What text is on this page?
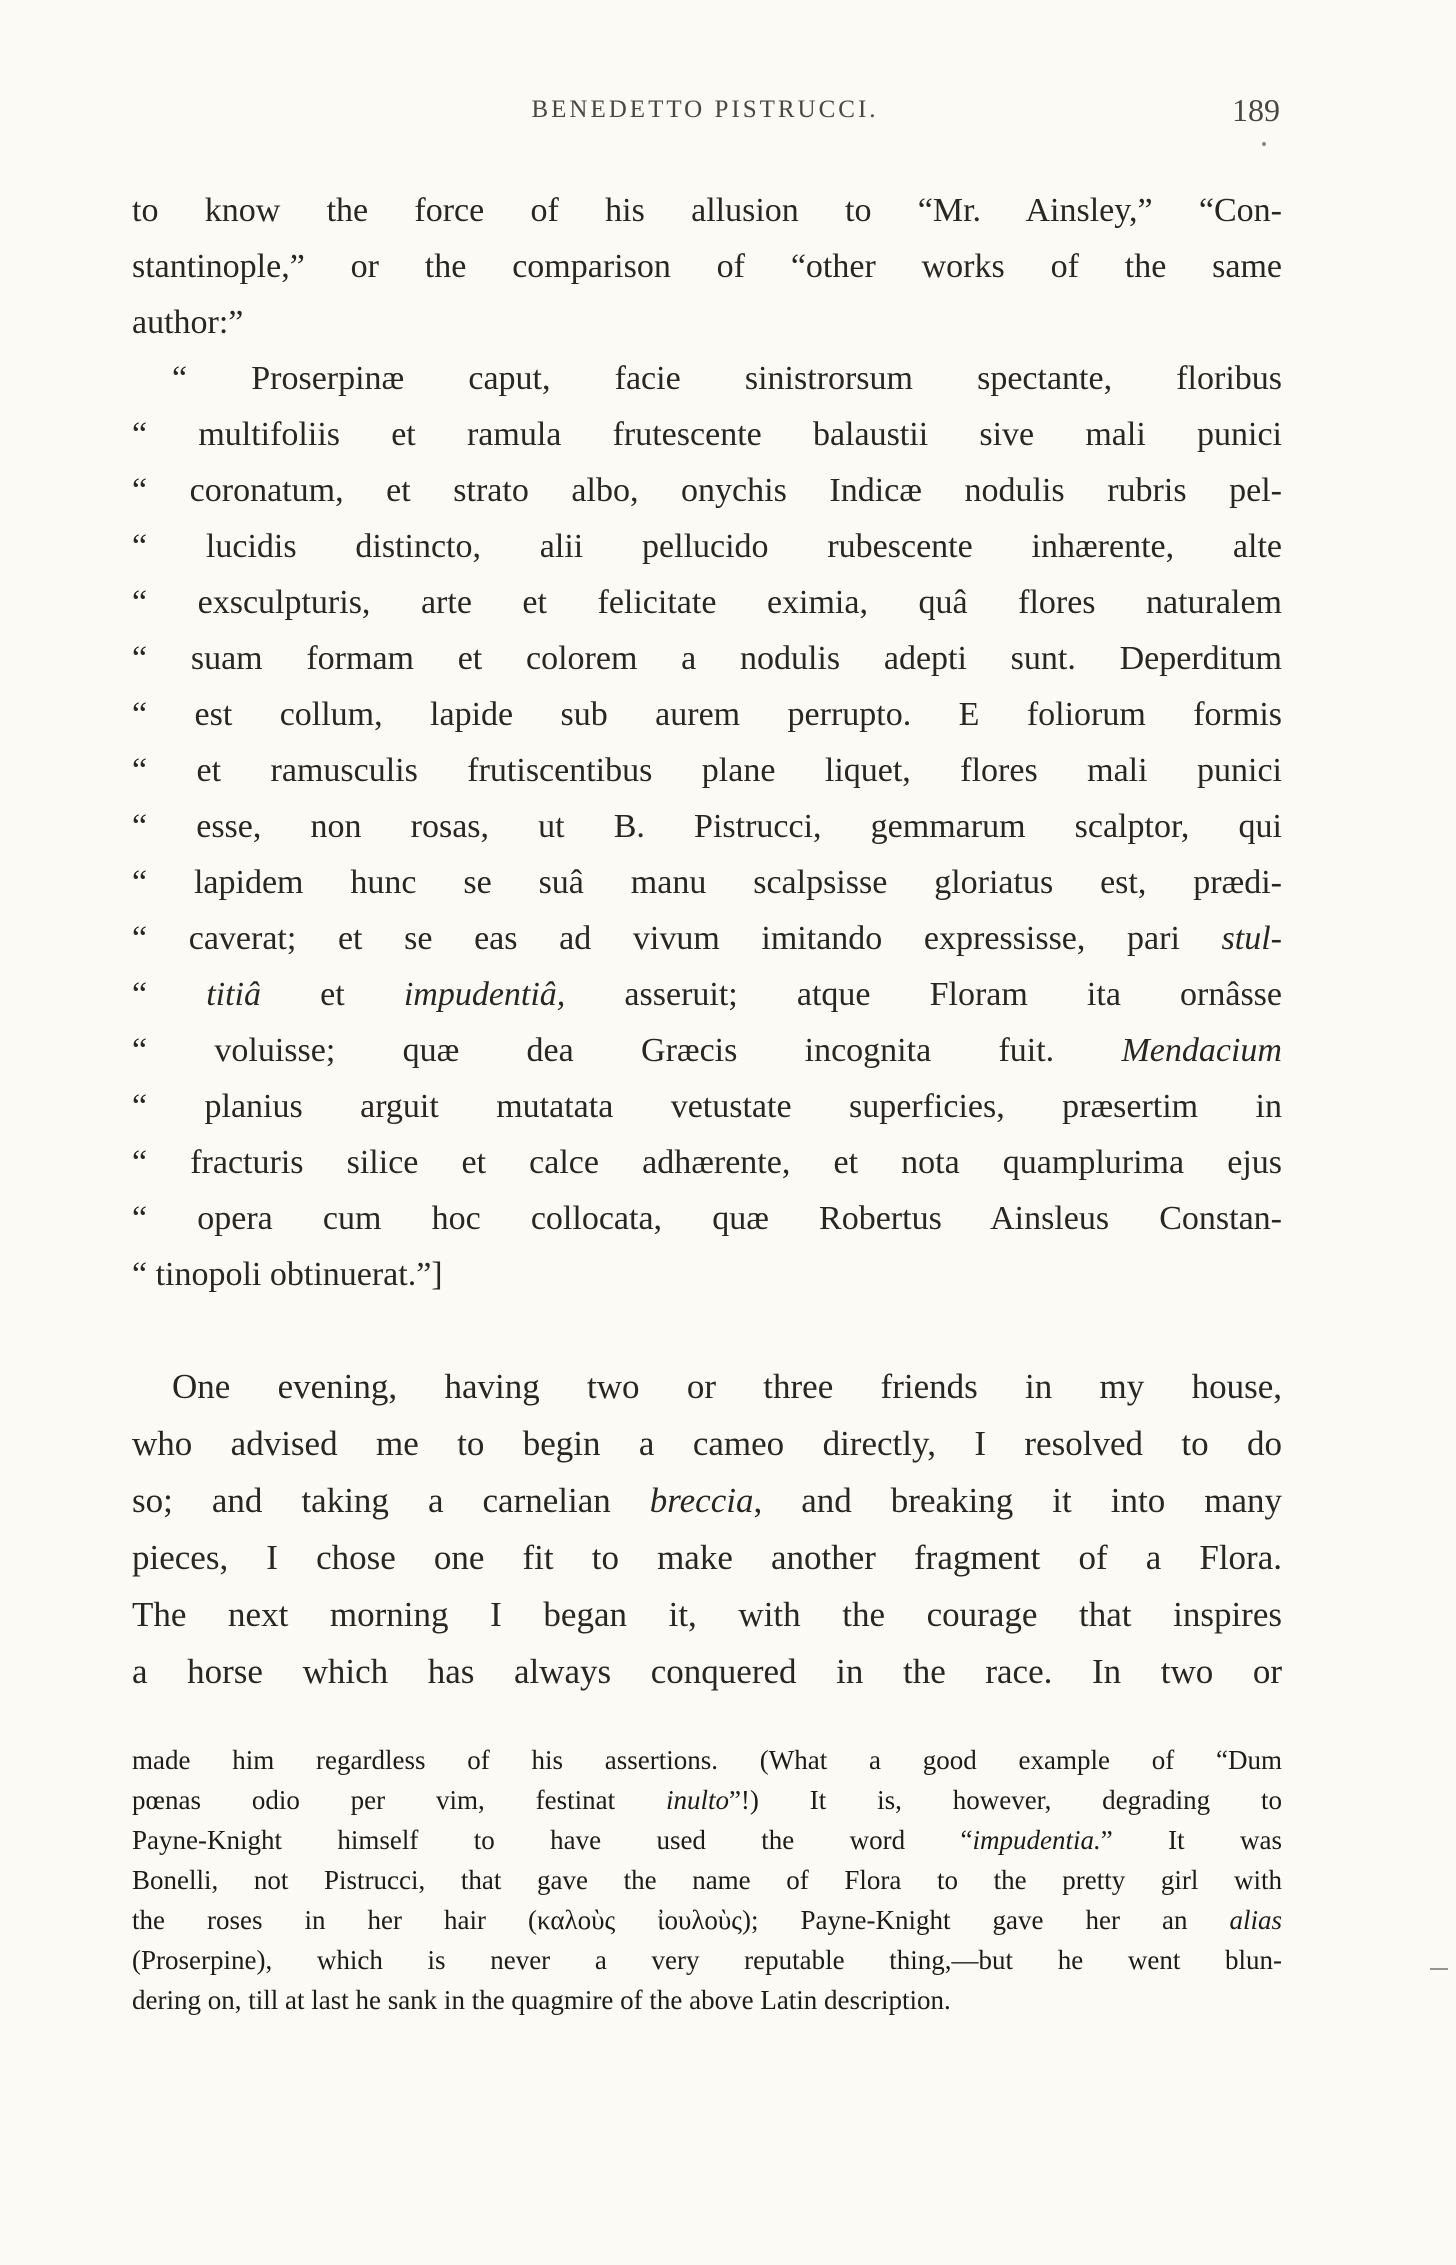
BENEDETTO PISTRUCCI.	189
to know the force of his allusion to “Mr. Ainsley,” “Con-
stantinople,” or the comparison of “other works of the same
author:”
“ Proserpinæ caput, facie sinistrorsum spectante, floribus
“ multifoliis et ramula frutescente balaustii sive mali punici
“ coronatum, et strato albo, onychis Indicæ nodulis rubris pel-
“ lucidis distincto, alii pellucido rubescente inhærente, alte
“ exsculpturis, arte et felicitate eximia, quâ flores naturalem
“ suam formam et colorem a nodulis adepti sunt. Deperditum
“ est collum, lapide sub aurem perrupto. E foliorum formis
“ et ramusculis frutiscentibus plane liquet, flores mali punici
“ esse, non rosas, ut B. Pistrucci, gemmarum scalptor, qui
“ lapidem hunc se suâ manu scalpsisse gloriatus est, prædi-
“ caverat; et se eas ad vivum imitando expressisse, pari stul-
“ titiâ et impudentiâ, asseruit; atque Floram ita ornâsse
“ voluisse; quæ dea Græcis incognita fuit. Mendacium
“ planius arguit mutatata vetustate superficies, præsertim in
“ fracturis silice et calce adhærente, et nota quamplurima ejus
“ opera cum hoc collocata, quæ Robertus Ainsleus Constan-
“ tinopoli obtinuerat.”]
One evening, having two or three friends in my house,
who advised me to begin a cameo directly, I resolved to do
so; and taking a carnelian breccia, and breaking it into many
pieces, I chose one fit to make another fragment of a Flora.
The next morning I began it, with the courage that inspires
a horse which has always conquered in the race. In two or
made him regardless of his assertions. (What a good example of “Dum
pœnas odio per vim, festinat inulto”!) It is, however, degrading to
Payne-Knight himself to have used the word “impudentia.” It was
Bonelli, not Pistrucci, that gave the name of Flora to the pretty girl with
the roses in her hair (καλοὺς ἰουλοὺς); Payne-Knight gave her an alias
(Proserpine), which is never a very reputable thing,—but he went blun-
dering on, till at last he sank in the quagmire of the above Latin description.
